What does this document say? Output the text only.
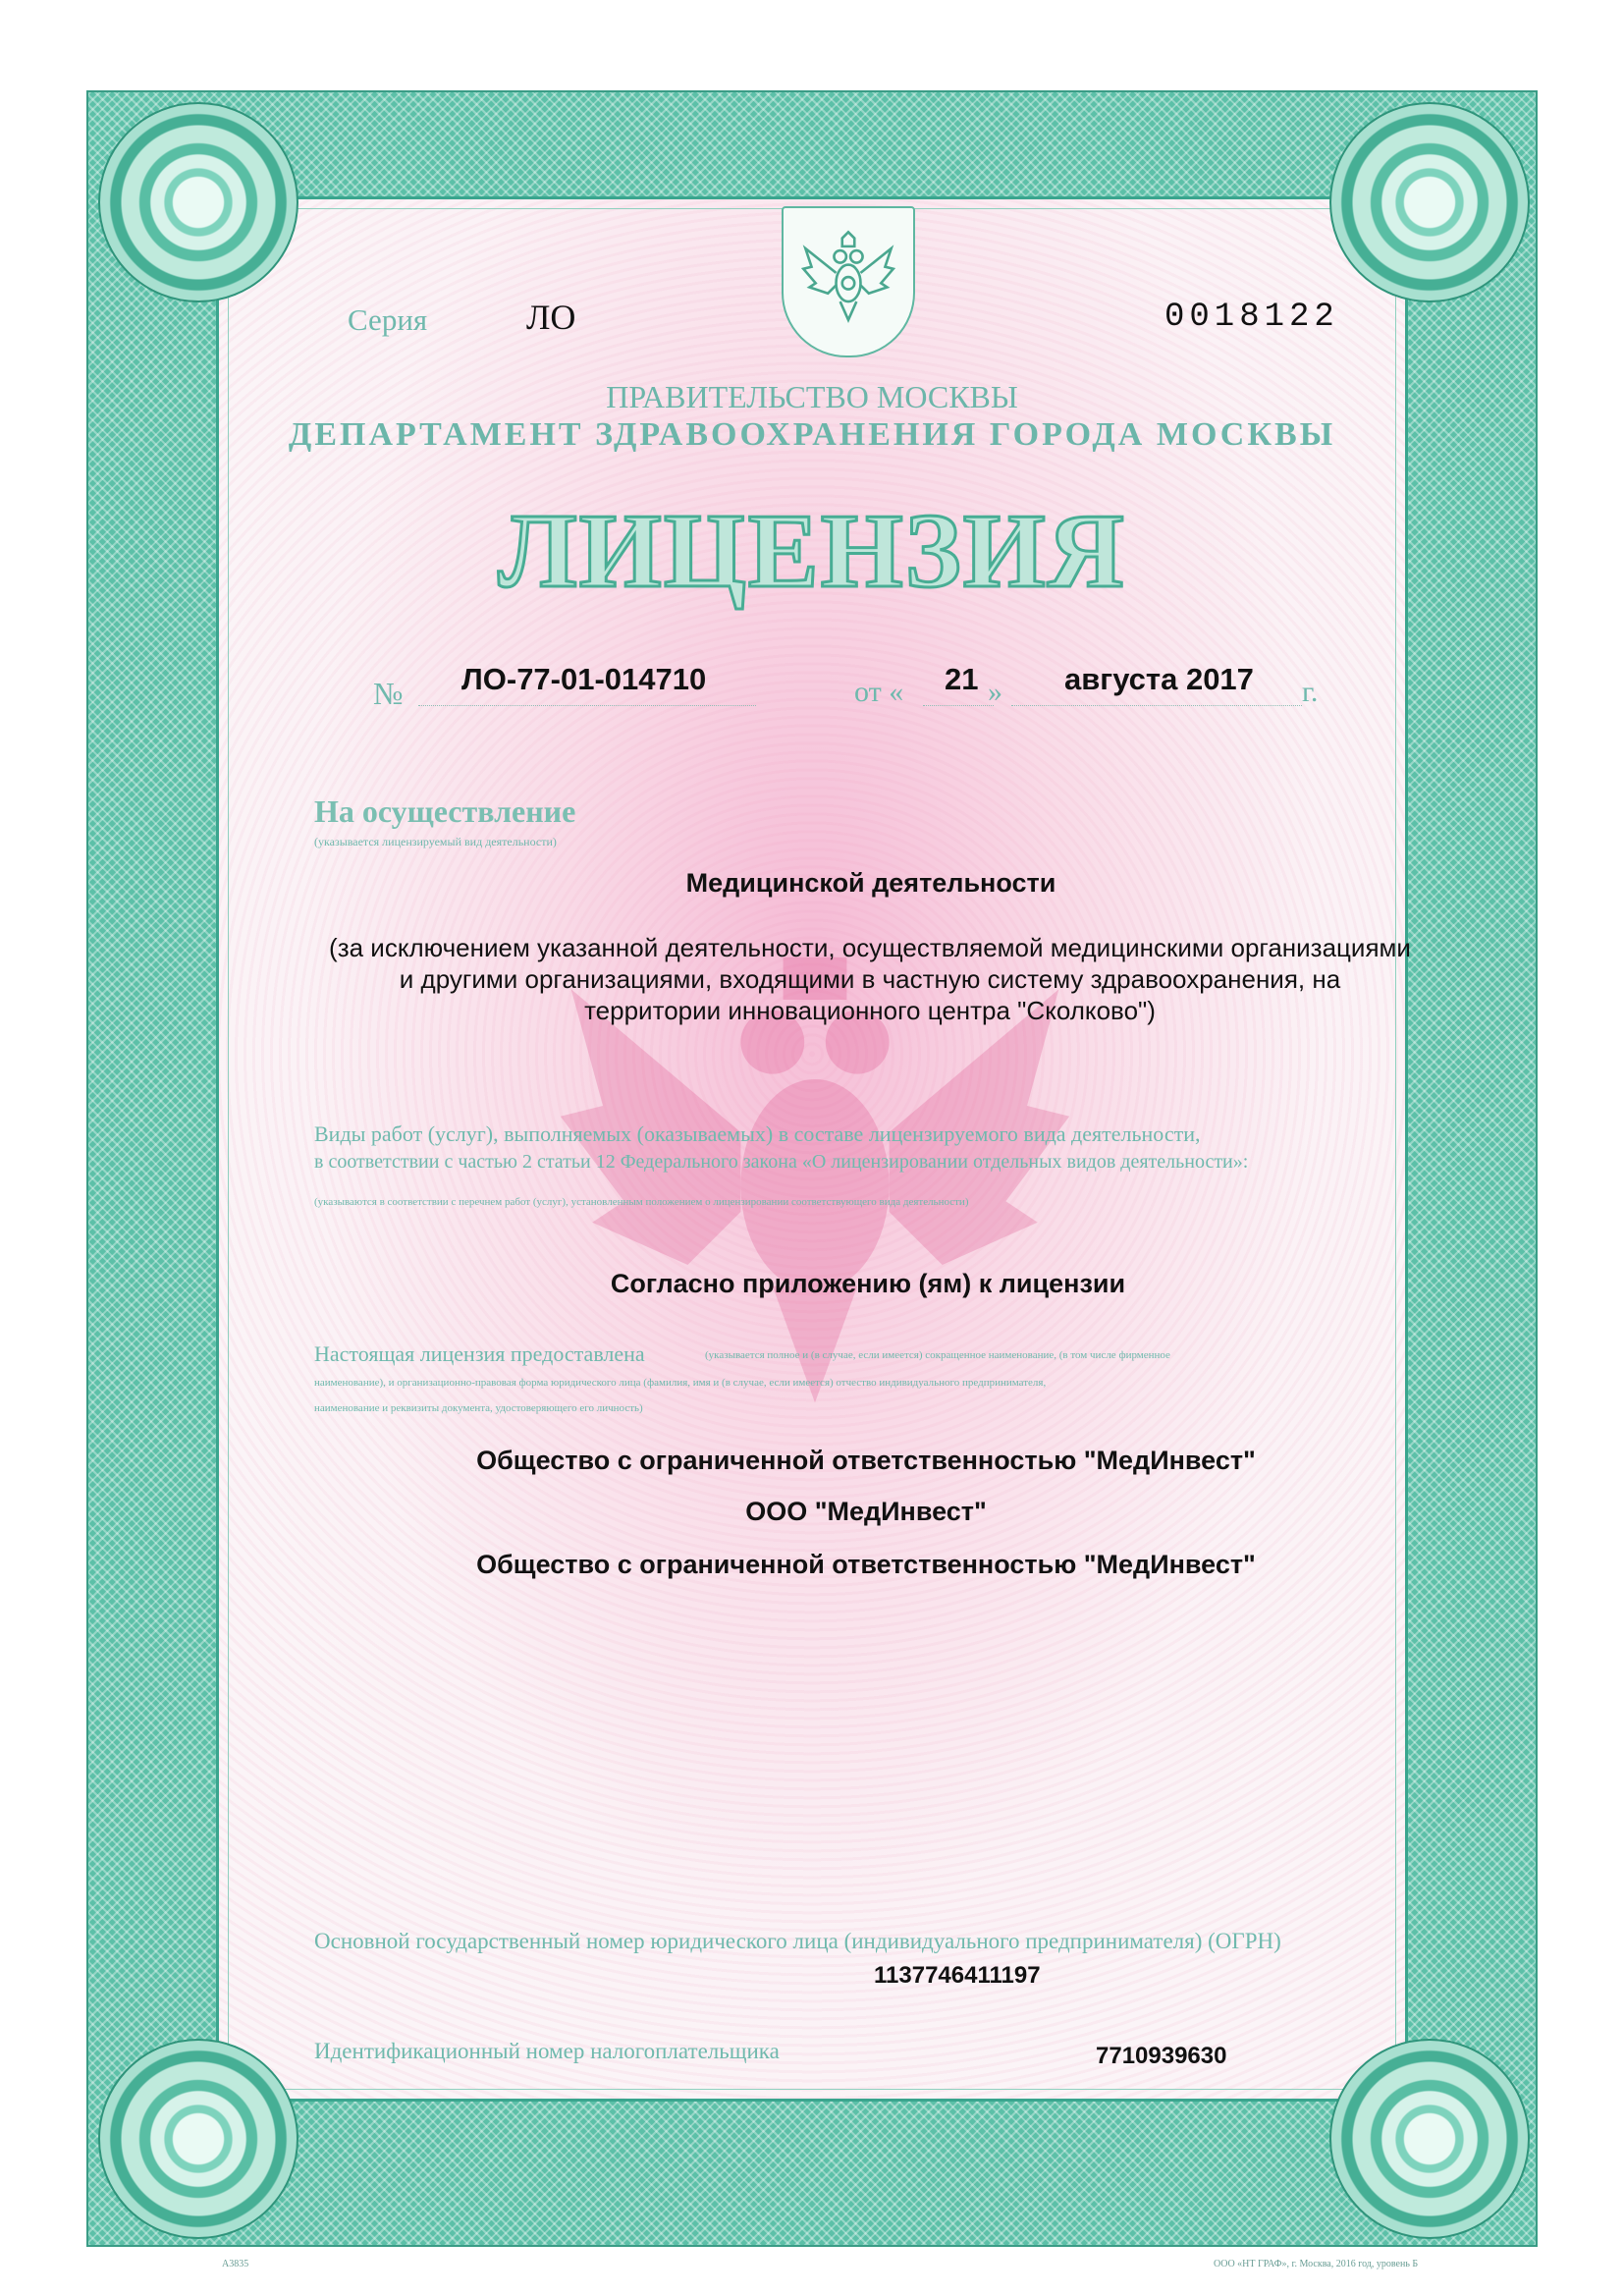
Серия	ЛО	0018122
ПРАВИТЕЛЬСТВО МОСКВЫ
ДЕПАРТАМЕНТ ЗДРАВООХРАНЕНИЯ ГОРОДА МОСКВЫ
ЛИЦЕНЗИЯ
№ ЛО-77-01-014710	от « 21 » августа 2017 г.
На осуществление
(указывается лицензируемый вид деятельности)
Медицинской деятельности
(за исключением указанной деятельности, осуществляемой медицинскими организациями
и другими организациями, входящими в частную систему здравоохранения, на
территории инновационного центра "Сколково")
Виды работ (услуг), выполняемых (оказываемых) в составе лицензируемого вида деятельности,
в соответствии с частью 2 статьи 12 Федерального закона «О лицензировании отдельных видов деятельности»:
(указываются в соответствии с перечнем работ (услуг), установленным положением о лицензировании соответствующего вида деятельности)
Согласно приложению (ям) к лицензии
Настоящая лицензия предоставлена	(указывается полное и (в случае, если имеется) сокращенное наименование, (в том числе фирменное
наименование), и организационно-правовая форма юридического лица (фамилия, имя и (в случае, если имеется) отчество индивидуального предпринимателя,
наименование и реквизиты документа, удостоверяющего его личность)
Общество с ограниченной ответственностью "МедИнвест"
ООО "МедИнвест"
Общество с ограниченной ответственностью "МедИнвест"
Основной государственный номер юридического лица (индивидуального предпринимателя) (ОГРН)
1137746411197
Идентификационный номер налогоплательщика	7710939630
А3835	ООО «НТ ГРАФ», г. Москва, 2016 год, уровень Б
